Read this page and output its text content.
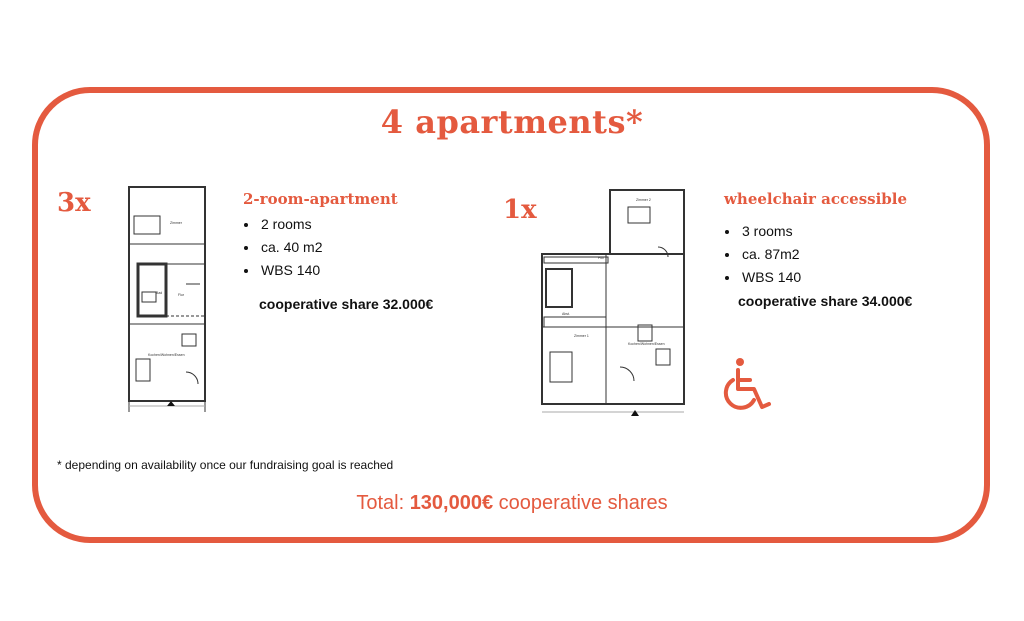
4 apartments*
3x
Zimmer
Bad	Flur
Kochen/Wohnen/Essen
2-room-apartment
• 2 rooms
• ca. 40 m2
• WBS 140
cooperative share 32.000€
1x	Zimmer 2
Flur
Abst.
Zimmer 1
Kochen/Wohnen/Essen
wheelchair accessible
• 3 rooms
• ca. 87m2
• WBS 140
cooperative share 34.000€
* depending on availability once our fundraising goal is reached
Total: 130,000€ cooperative shares
